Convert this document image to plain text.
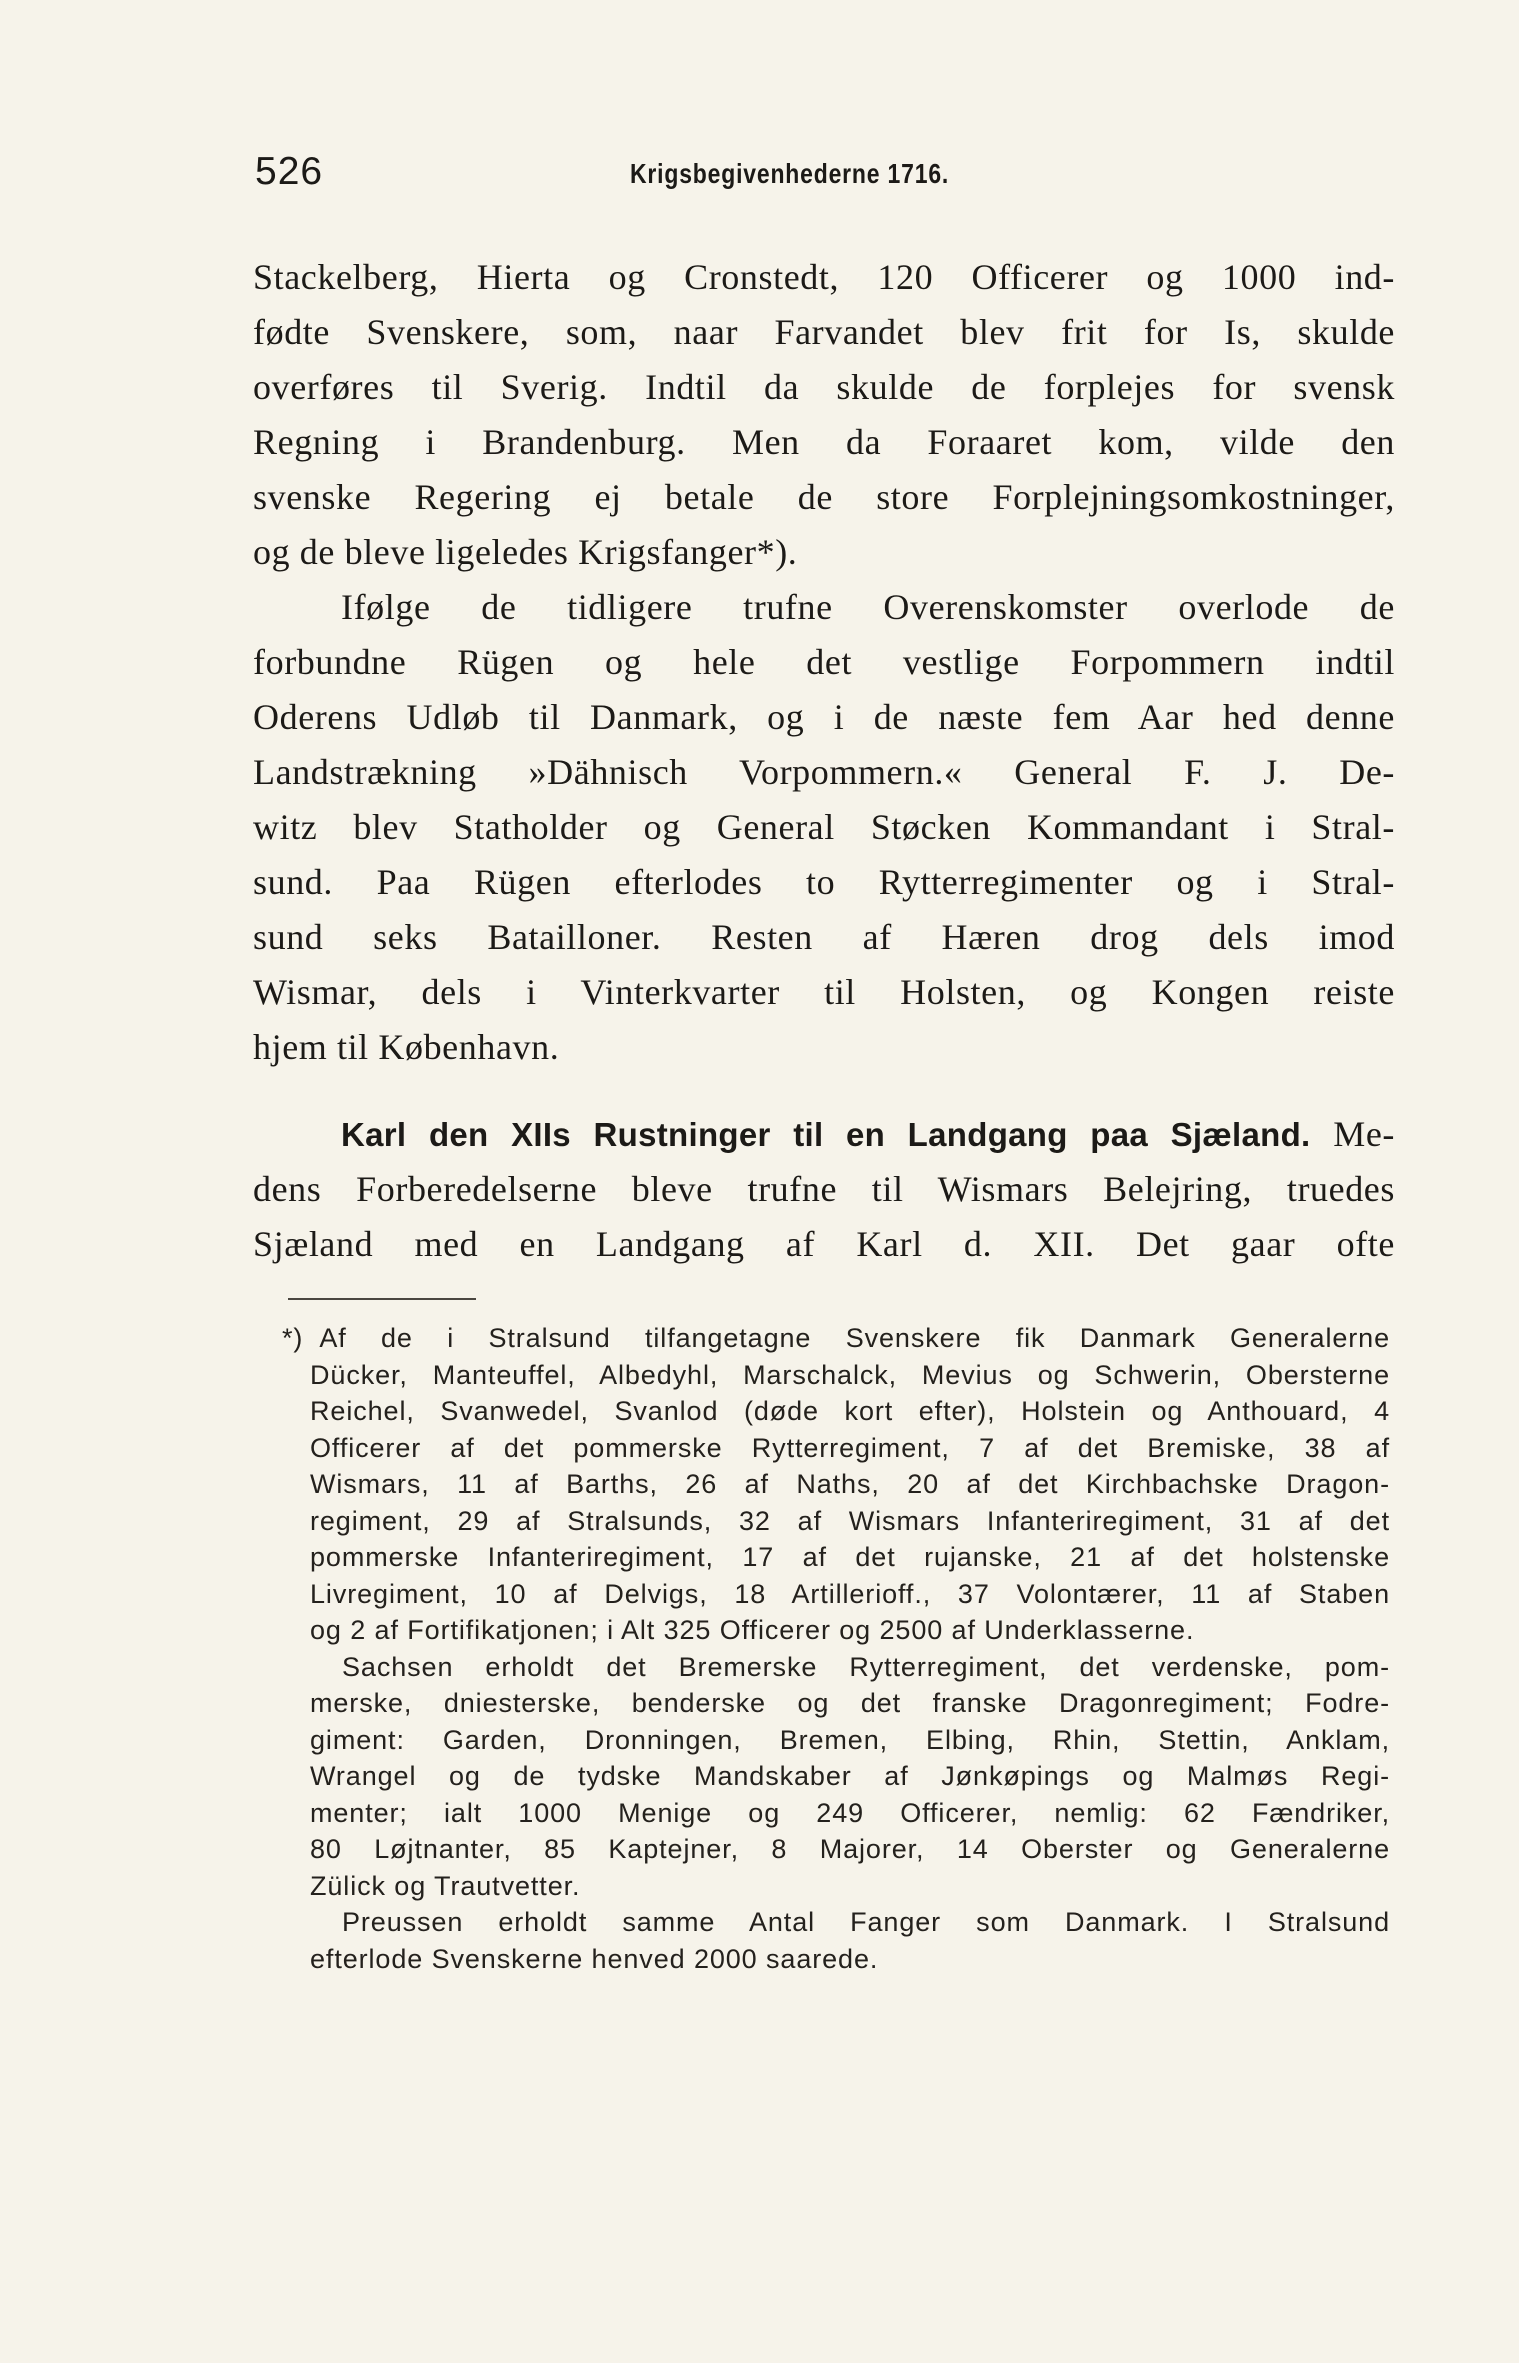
526	Krigsbegivenhederne 1716.
Stackelberg, Hierta og Cronstedt, 120 Officerer og 1000 ind-
fødte Svenskere, som, naar Farvandet blev frit for Is, skulde
overføres til Sverig. Indtil da skulde de forplejes for svensk
Regning i Brandenburg. Men da Foraaret kom, vilde den
svenske Regering ej betale de store Forplejningsomkostninger,
og de bleve ligeledes Krigsfanger*).
Ifølge de tidligere trufne Overenskomster overlode de
forbundne Rügen og hele det vestlige Forpommern indtil
Oderens Udløb til Danmark, og i de næste fem Aar hed denne
Landstrækning »Dähnisch Vorpommern.« General F. J. De-
witz blev Statholder og General Støcken Kommandant i Stral-
sund. Paa Rügen efterlodes to Rytterregimenter og i Stral-
sund seks Batailloner. Resten af Hæren drog dels imod
Wismar, dels i Vinterkvarter til Holsten, og Kongen reiste
hjem til København.
Karl den XIIs Rustninger til en Landgang paa Sjæland. Me-
dens Forberedelserne bleve trufne til Wismars Belejring, truedes
Sjæland med en Landgang af Karl d. XII. Det gaar ofte
*) Af de i Stralsund tilfangetagne Svenskere fik Danmark Generalerne
Dücker, Manteuffel, Albedyhl, Marschalck, Mevius og Schwerin, Obersterne
Reichel, Svanwedel, Svanlod (døde kort efter), Holstein og Anthouard, 4
Officerer af det pommerske Rytterregiment, 7 af det Bremiske, 38 af
Wismars, 11 af Barths, 26 af Naths, 20 af det Kirchbachske Dragon-
regiment, 29 af Stralsunds, 32 af Wismars Infanteriregiment, 31 af det
pommerske Infanteriregiment, 17 af det rujanske, 21 af det holstenske
Livregiment, 10 af Delvigs, 18 Artillerioff., 37 Volontærer, 11 af Staben
og 2 af Fortifikatjonen; i Alt 325 Officerer og 2500 af Underklasserne.
Sachsen erholdt det Bremerske Rytterregiment, det verdenske, pom-
merske, dniesterske, benderske og det franske Dragonregiment; Fodre-
giment: Garden, Dronningen, Bremen, Elbing, Rhin, Stettin, Anklam,
Wrangel og de tydske Mandskaber af Jønkøpings og Malmøs Regi-
menter; ialt 1000 Menige og 249 Officerer, nemlig: 62 Fændriker,
80 Løjtnanter, 85 Kaptejner, 8 Majorer, 14 Oberster og Generalerne
Zülick og Trautvetter.
Preussen erholdt samme Antal Fanger som Danmark. I Stralsund
efterlode Svenskerne henved 2000 saarede.
